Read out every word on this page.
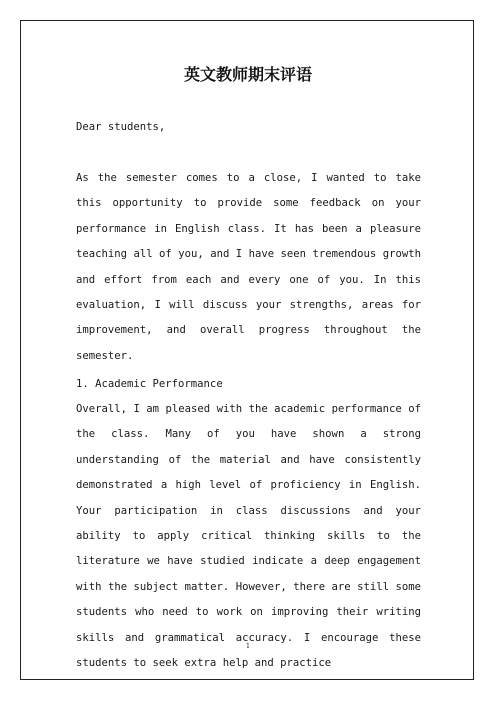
英文教师期末评语

Dear students,

As the semester comes to a close, I wanted to take this opportunity to provide some feedback on your performance in English class. It has been a pleasure teaching all of you, and I have seen tremendous growth and effort from each and every one of you. In this evaluation, I will discuss your strengths, areas for improvement, and overall progress throughout the semester.

1. Academic Performance

Overall, I am pleased with the academic performance of the class. Many of you have shown a strong understanding of the material and have consistently demonstrated a high level of proficiency in English. Your participation in class discussions and your ability to apply critical thinking skills to the literature we have studied indicate a deep engagement with the subject matter. However, there are still some students who need to work on improving their writing skills and grammatical accuracy. I encourage these students to seek extra help and practice

1
